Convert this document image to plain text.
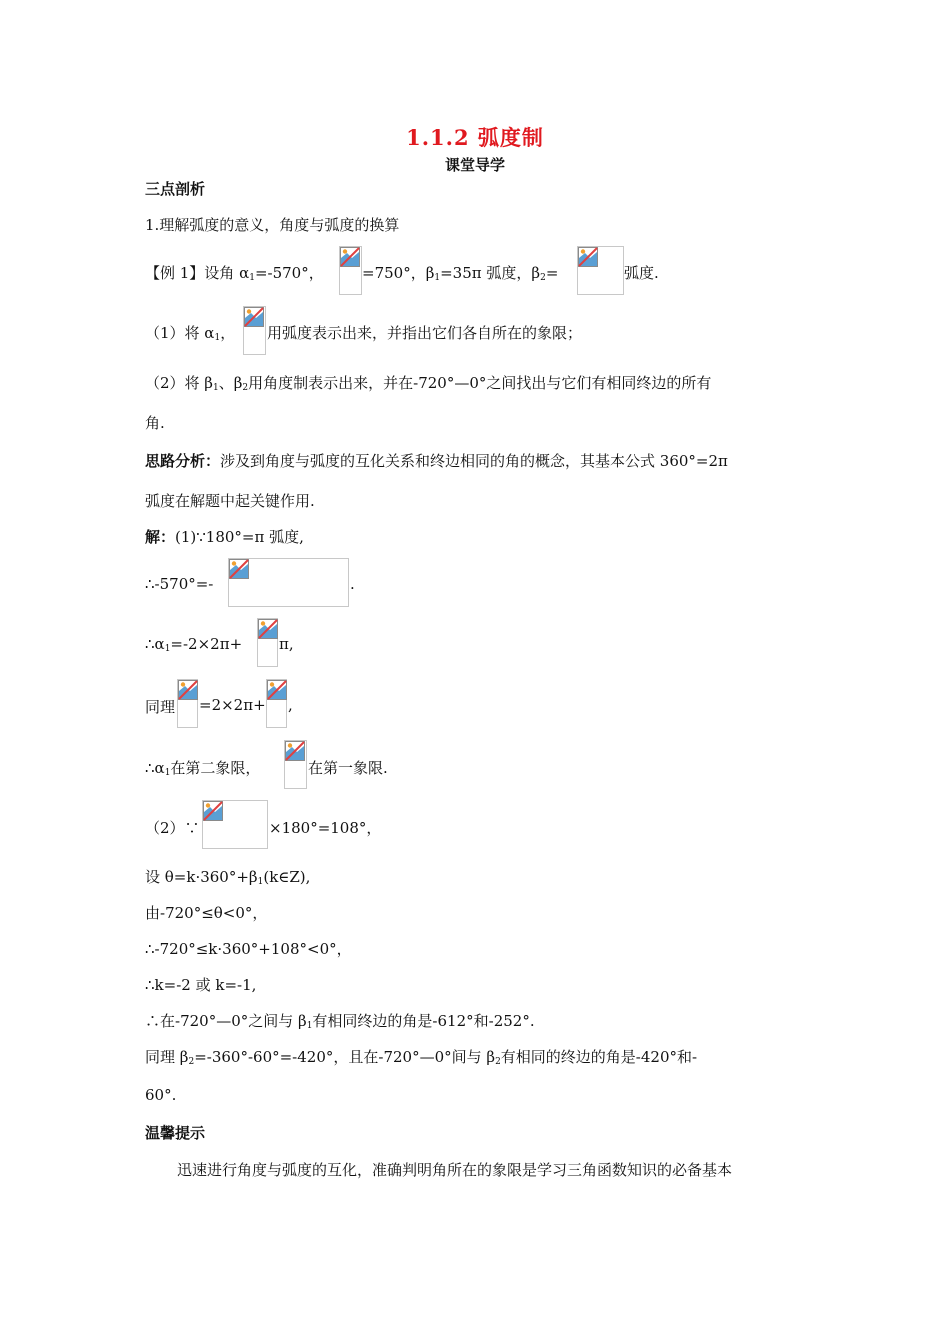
1.1.2 弧度制
课堂导学
三点剖析
1.理解弧度的意义，角度与弧度的换算
【例 1】设角 $\alpha_1=-570^\circ$，	=750°，$\beta_1=35\pi$ 弧度，$\beta_2=$	弧度.
（1）将 $\alpha_1$， 用弧度表示出来，并指出它们各自所在的象限；
（2）将 $\beta_1$、$\beta_2$用角度制表示出来，并在-720°—0°之间找出与它们有相同终边的所有
角.
思路分析：涉及到角度与弧度的互化关系和终边相同的角的概念，其基本公式 360°=2π
弧度在解题中起关键作用.
解：(1)∵180°=π 弧度,
∴-570°=-	.
$\therefore\alpha_1=-2\times 2\pi+ \pi$,
同理 =2×2π+ ,
$\therefore\alpha_1$在第二象限，	在第一象限.
（2）∵	×180°=108°，
设 $\theta=k\cdot 360^\circ+\beta_1(k\in Z)$,
由-720°≤θ<0°，
∴-720°≤k·360°+108°<0°，
∴k=-2 或 k=-1,
∴在-720°—0°之间与 $\beta_1$有相同终边的角是-612°和-252°.
同理 $\beta_2=-360^\circ-60^\circ=-420^\circ$，且在-720°—0°间与 $\beta_2$有相同的终边的角是-420°和-
60°.
温馨提示
迅速进行角度与弧度的互化，准确判明角所在的象限是学习三角函数知识的必备基本
